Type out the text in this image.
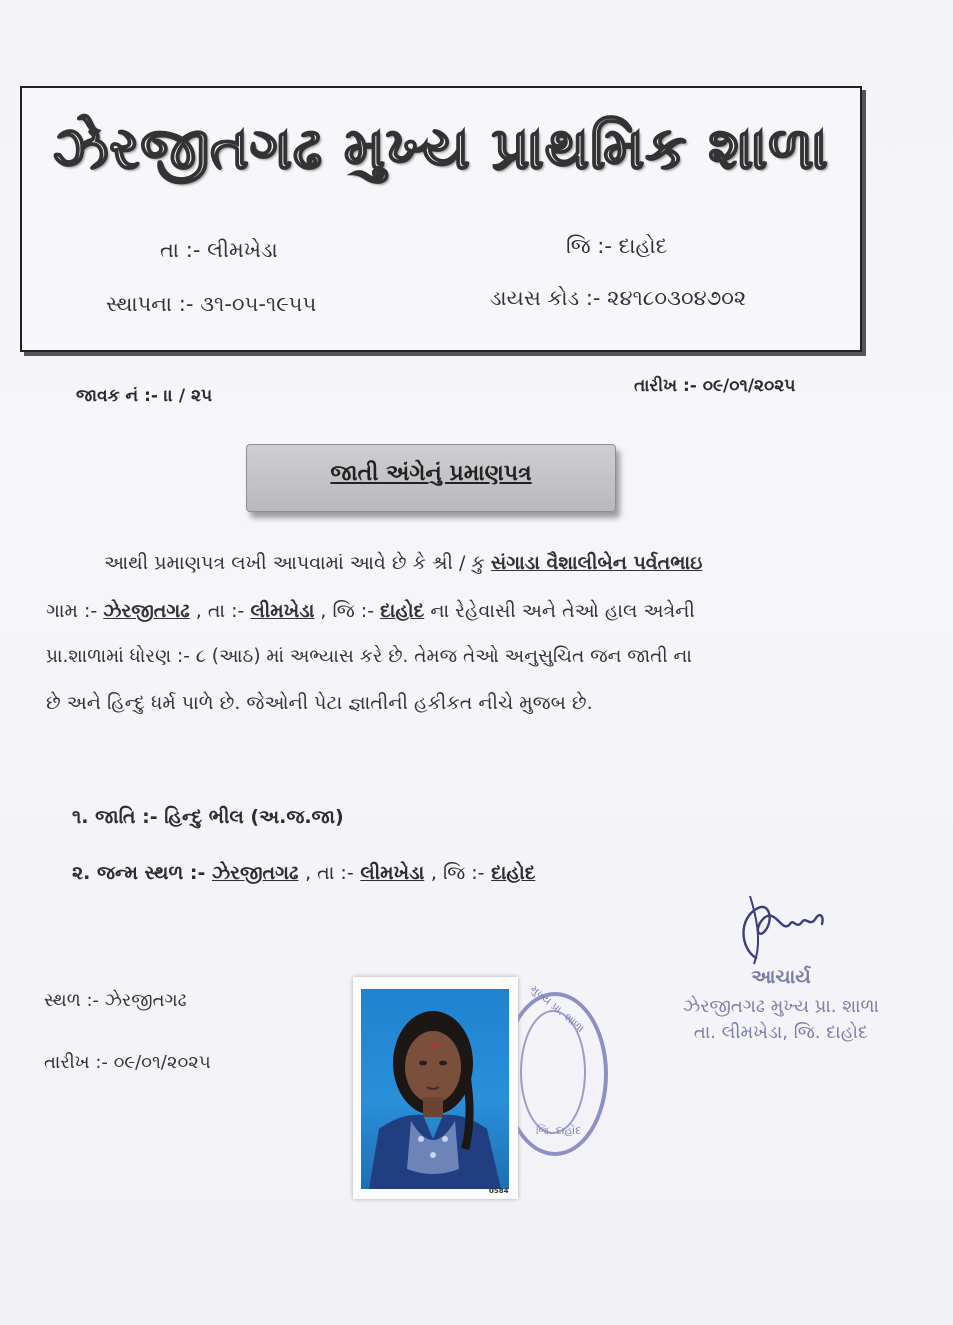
ઝેરજીતગઢ મુખ્ય પ્રાથમિક શાળા
તા :- લીમખેડા	જિ :- દાહોદ
સ્થાપના :- ૩૧-૦૫-૧૯૫૫	ડાયસ કોડ :- ૨૪૧૮૦૩૦૪૭૦૨
જાવક નં :- ।। / ૨૫	તારીખ :- ૦૯/૦૧/૨૦૨૫
જાતી અંગેનું પ્રમાણપત્ર
આથી પ્રમાણપત્ર લખી આપવામાં આવે છે કે શ્રી / કુ સંગાડા વૈશાલીબેન પર્વતભાઇ
ગામ :- ઝેરજીતગઢ , તા :- લીમખેડા , જિ :- દાહોદ ના રેહેવાસી અને તેઓ હાલ અત્રેની
પ્રા.શાળામાં ધોરણ :- ૮ (આઠ) માં અભ્યાસ કરે છે. તેમજ તેઓ અનુસુચિત જન જાતી ના
છે અને હિન્દુ ધર્મ પાળે છે. જેઓની પેટા જ્ઞાતીની હકીકત નીચે મુજબ છે.
૧. જાતિ :- હિન્દુ ભીલ (અ.જ.જા)
૨. જન્મ સ્થળ :- ઝેરજીતગઢ , તા :- લીમખેડા , જિ :- દાહોદ
આચાર્ય
ઝેરજીતગઢ મુખ્ય પ્રા. શાળા
તા. લીમખેડા, જિ. દાહોદ
સ્થળ :- ઝેરજીતગઢ
તારીખ :- ૦૯/૦૧/૨૦૨૫
મુખ્ય પ્રા. શાળા
જિ. દાહોદ
0584
